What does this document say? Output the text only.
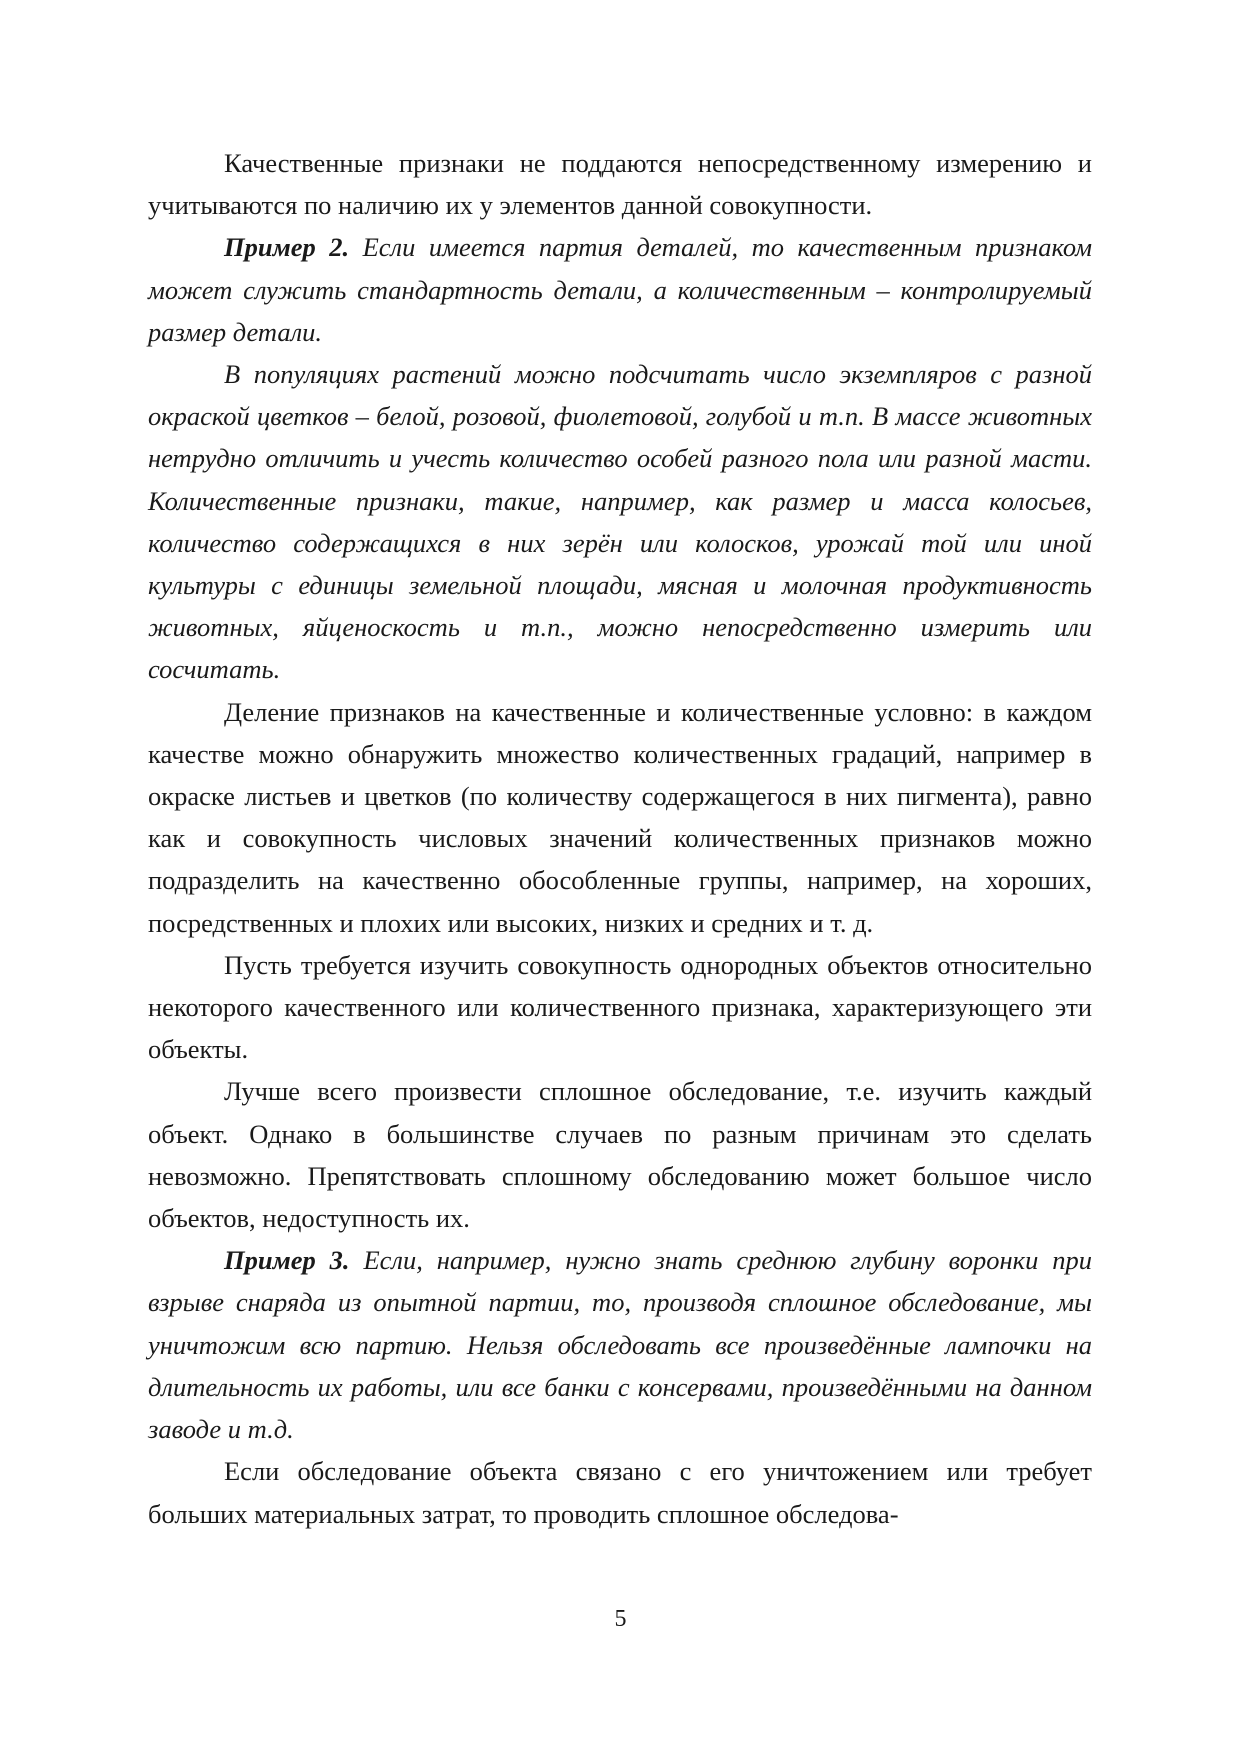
Качественные признаки не поддаются непосредственному измерению и учитываются по наличию их у элементов данной совокупности.

Пример 2. Если имеется партия деталей, то качественным признаком может служить стандартность детали, а количественным – контролируемый размер детали.

В популяциях растений можно подсчитать число экземпляров с разной окраской цветков – белой, розовой, фиолетовой, голубой и т.п. В массе животных нетрудно отличить и учесть количество особей разного пола или разной масти. Количественные признаки, такие, например, как размер и масса колосьев, количество содержащихся в них зерён или колосков, урожай той или иной культуры с единицы земельной площади, мясная и молочная продуктивность животных, яйценоскость и т.п., можно непосредственно измерить или сосчитать.

Деление признаков на качественные и количественные условно: в каждом качестве можно обнаружить множество количественных градаций, например в окраске листьев и цветков (по количеству содержащегося в них пигмента), равно как и совокупность числовых значений количественных признаков можно подразделить на качественно обособленные группы, например, на хороших, посредственных и плохих или высоких, низких и средних и т. д.

Пусть требуется изучить совокупность однородных объектов относительно некоторого качественного или количественного признака, характеризующего эти объекты.

Лучше всего произвести сплошное обследование, т.е. изучить каждый объект. Однако в большинстве случаев по разным причинам это сделать невозможно. Препятствовать сплошному обследованию может большое число объектов, недоступность их.

Пример 3. Если, например, нужно знать среднюю глубину воронки при взрыве снаряда из опытной партии, то, производя сплошное обследование, мы уничтожим всю партию. Нельзя обследовать все произведённые лампочки на длительность их работы, или все банки с консервами, произведёнными на данном заводе и т.д.

Если обследование объекта связано с его уничтожением или требует больших материальных затрат, то проводить сплошное обследова-

5
